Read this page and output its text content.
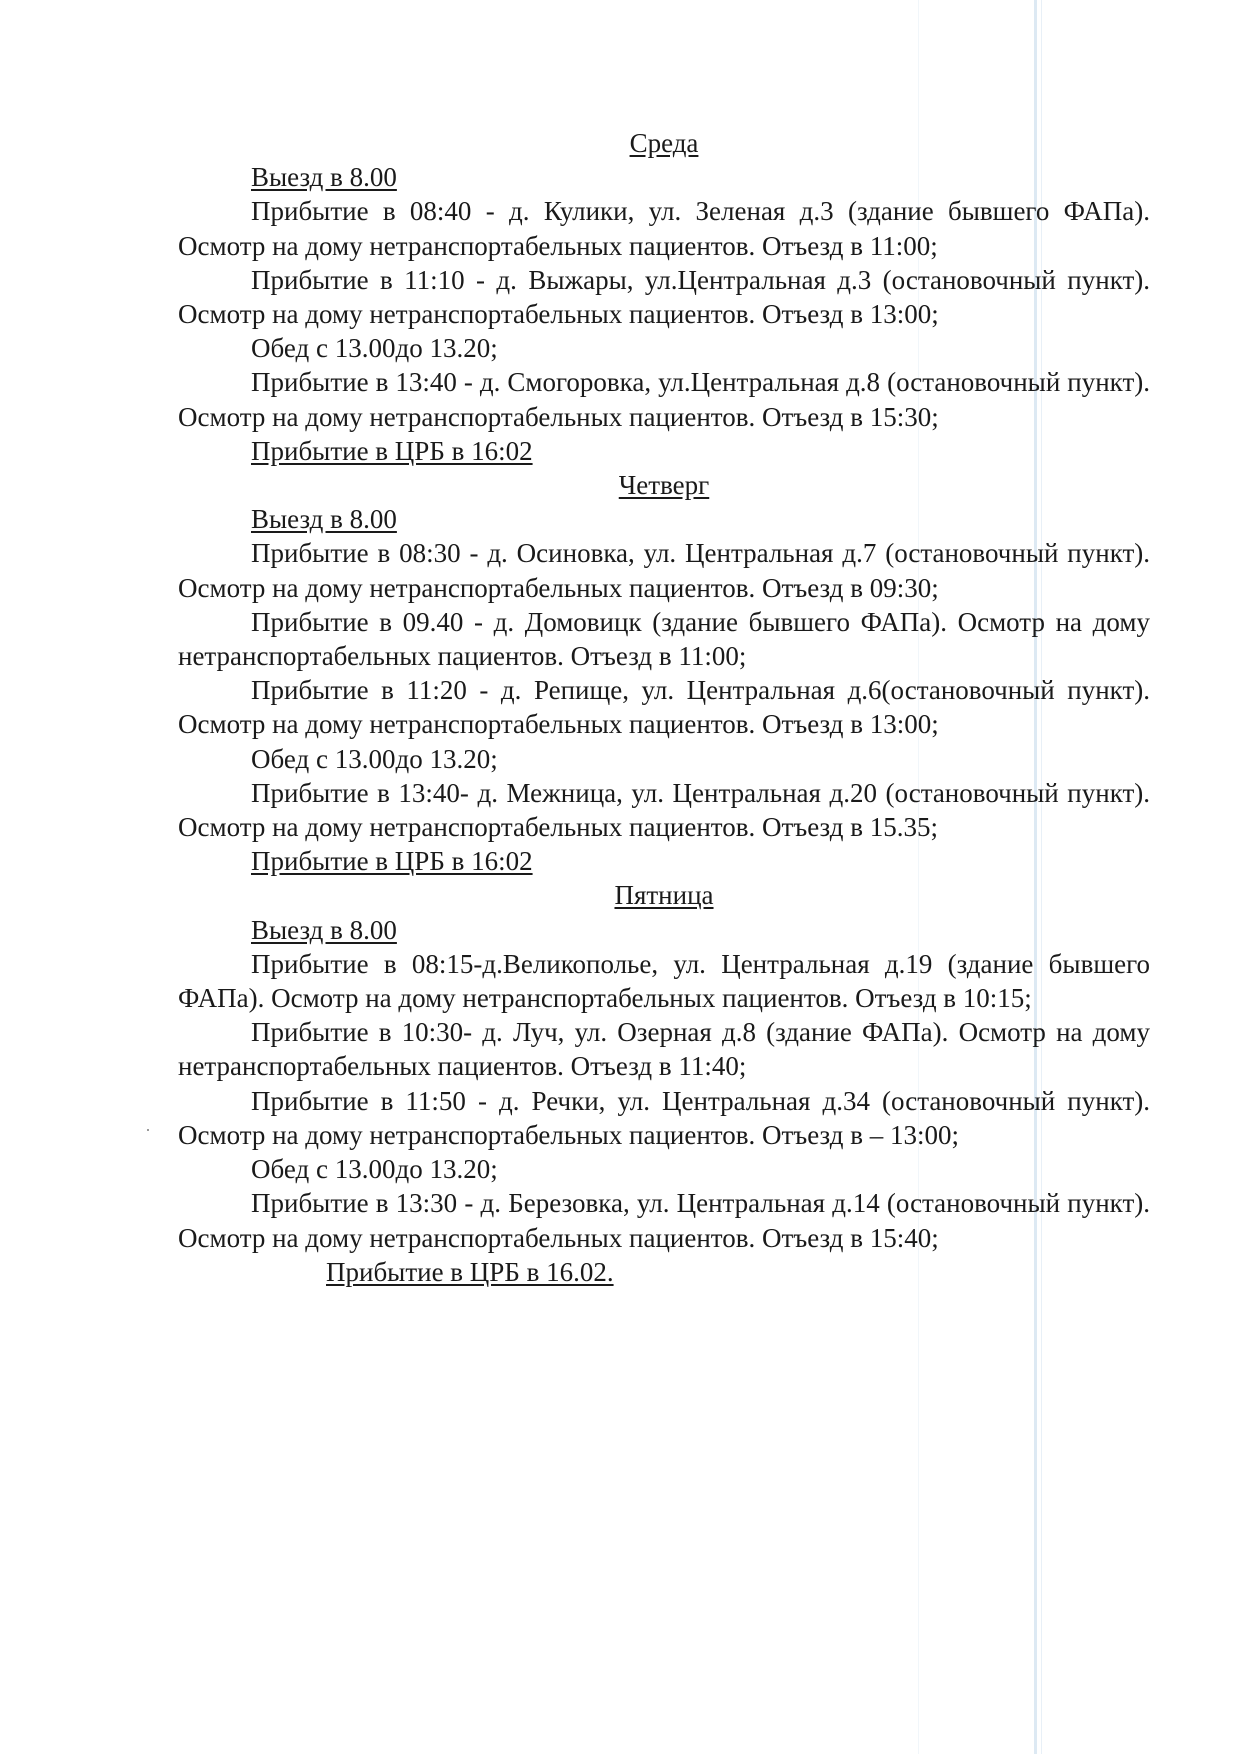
Среда
Выезд в 8.00
Прибытие в 08:40 - д. Кулики, ул. Зеленая д.3 (здание бывшего ФАПа). Осмотр на дому нетранспортабельных пациентов. Отъезд в 11:00;
Прибытие в 11:10 - д. Выжары, ул.Центральная д.3 (остановочный пункт). Осмотр на дому нетранспортабельных пациентов. Отъезд в 13:00;
Обед с 13.00до 13.20;
Прибытие в 13:40 - д. Смогоровка, ул.Центральная д.8 (остановочный пункт). Осмотр на дому нетранспортабельных пациентов. Отъезд в 15:30;
Прибытие в ЦРБ в 16:02
Четверг
Выезд в 8.00
Прибытие в 08:30 - д. Осиновка, ул. Центральная д.7 (остановочный пункт). Осмотр на дому нетранспортабельных пациентов. Отъезд в 09:30;
Прибытие в 09.40 - д. Домовицк (здание бывшего ФАПа). Осмотр на дому нетранспортабельных пациентов. Отъезд в 11:00;
Прибытие в 11:20 - д. Репище, ул. Центральная д.6(остановочный пункт). Осмотр на дому нетранспортабельных пациентов. Отъезд в 13:00;
Обед с 13.00до 13.20;
Прибытие в 13:40- д. Межница, ул. Центральная д.20 (остановочный пункт). Осмотр на дому нетранспортабельных пациентов. Отъезд в 15.35;
Прибытие в ЦРБ в 16:02
Пятница
Выезд в 8.00
Прибытие в 08:15-д.Великополье, ул. Центральная д.19 (здание бывшего ФАПа). Осмотр на дому нетранспортабельных пациентов. Отъезд в 10:15;
Прибытие в 10:30- д. Луч, ул. Озерная д.8 (здание ФАПа). Осмотр на дому нетранспортабельных пациентов. Отъезд в 11:40;
Прибытие в 11:50 - д. Речки, ул. Центральная д.34 (остановочный пункт). Осмотр на дому нетранспортабельных пациентов. Отъезд в – 13:00;
Обед с 13.00до 13.20;
Прибытие в 13:30 - д. Березовка, ул. Центральная д.14 (остановочный пункт). Осмотр на дому нетранспортабельных пациентов. Отъезд в 15:40;
Прибытие в ЦРБ в 16.02.
